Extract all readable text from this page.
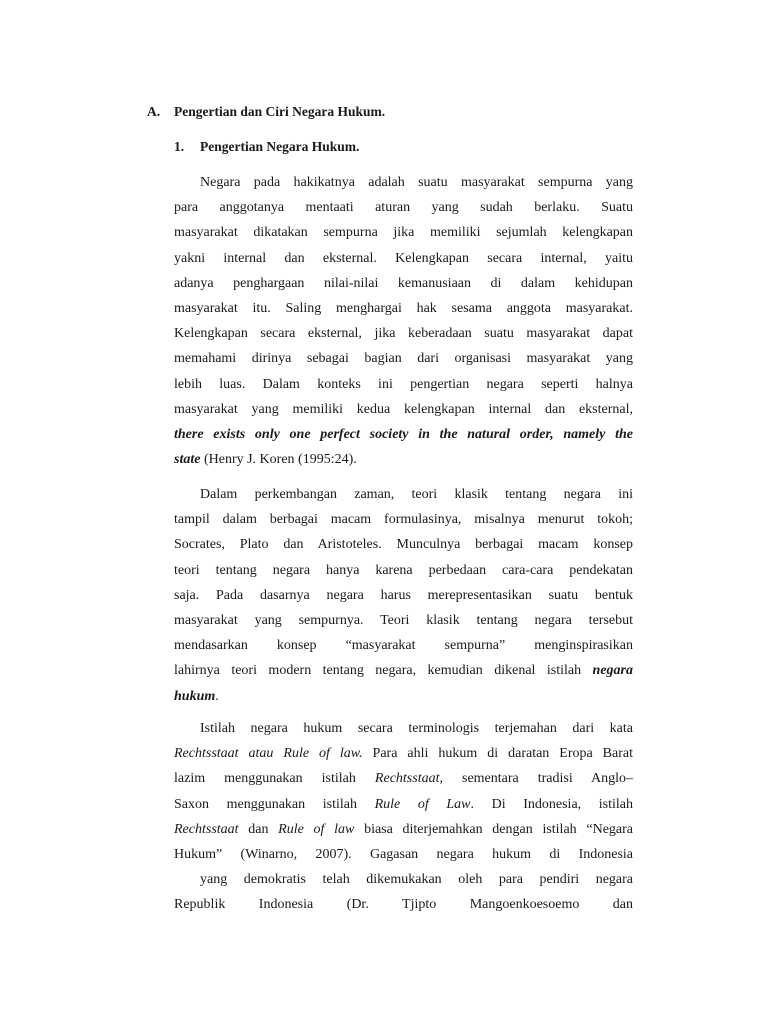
A. Pengertian dan Ciri Negara Hukum.
1. Pengertian Negara Hukum.
Negara pada hakikatnya adalah suatu masyarakat sempurna yang
para anggotanya mentaati aturan yang sudah berlaku. Suatu
masyarakat dikatakan sempurna jika memiliki sejumlah kelengkapan
yakni internal dan eksternal. Kelengkapan secara internal, yaitu
adanya penghargaan nilai-nilai kemanusiaan di dalam kehidupan
masyarakat itu. Saling menghargai hak sesama anggota masyarakat.
Kelengkapan secara eksternal, jika keberadaan suatu masyarakat dapat
memahami dirinya sebagai bagian dari organisasi masyarakat yang
lebih luas. Dalam konteks ini pengertian negara seperti halnya
masyarakat yang memiliki kedua kelengkapan internal dan eksternal,
there exists only one perfect society in the natural order, namely the
state (Henry J. Koren (1995:24).
Dalam perkembangan zaman, teori klasik tentang negara ini
tampil dalam berbagai macam formulasinya, misalnya menurut tokoh;
Socrates, Plato dan Aristoteles. Munculnya berbagai macam konsep
teori tentang negara hanya karena perbedaan cara-cara pendekatan
saja. Pada dasarnya negara harus merepresentasikan suatu bentuk
masyarakat yang sempurnya. Teori klasik tentang negara tersebut
mendasarkan konsep “masyarakat sempurna” menginspirasikan
lahirnya teori modern tentang negara, kemudian dikenal istilah negara
hukum.
Istilah negara hukum secara terminologis terjemahan dari kata
Rechtsstaat atau Rule of law. Para ahli hukum di daratan Eropa Barat
lazim menggunakan istilah Rechtsstaat, sementara tradisi Anglo–
Saxon menggunakan istilah Rule of Law. Di Indonesia, istilah
Rechtsstaat dan Rule of law biasa diterjemahkan dengan istilah “Negara
Hukum” (Winarno, 2007). Gagasan negara hukum di Indonesia
yang demokratis telah dikemukakan oleh para pendiri negara
Republik Indonesia (Dr. Tjipto Mangoenkoesoemo dan
